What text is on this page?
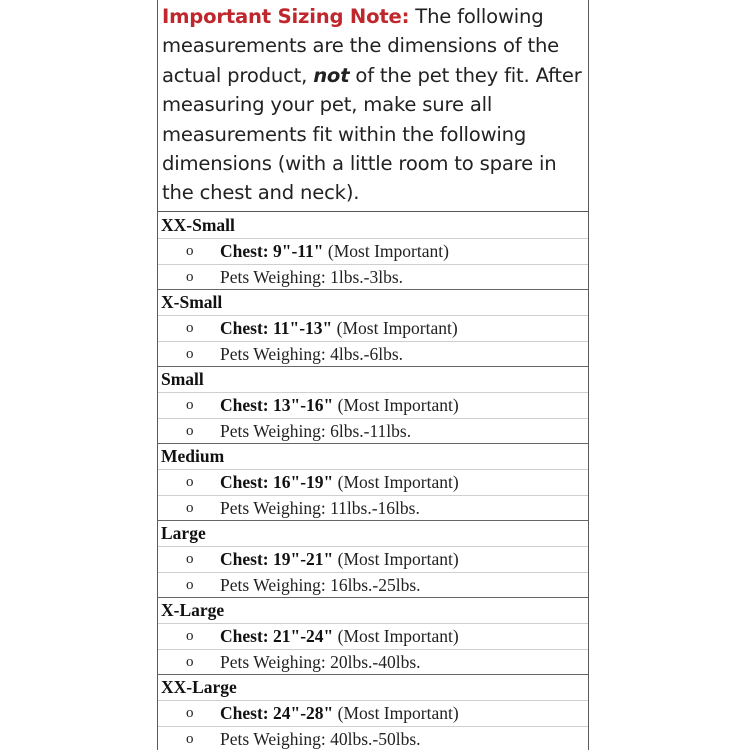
Important Sizing Note: The following measurements are the dimensions of the actual product, not of the pet they fit. After measuring your pet, make sure all measurements fit within the following dimensions (with a little room to spare in the chest and neck).
XX-Small
o Chest: 9"-11" (Most Important)
o Pets Weighing: 1lbs.-3lbs.
X-Small
o Chest: 11"-13" (Most Important)
o Pets Weighing: 4lbs.-6lbs.
Small
o Chest: 13"-16" (Most Important)
o Pets Weighing: 6lbs.-11lbs.
Medium
o Chest: 16"-19" (Most Important)
o Pets Weighing: 11lbs.-16lbs.
Large
o Chest: 19"-21" (Most Important)
o Pets Weighing: 16lbs.-25lbs.
X-Large
o Chest: 21"-24" (Most Important)
o Pets Weighing: 20lbs.-40lbs.
XX-Large
o Chest: 24"-28" (Most Important)
o Pets Weighing: 40lbs.-50lbs.
